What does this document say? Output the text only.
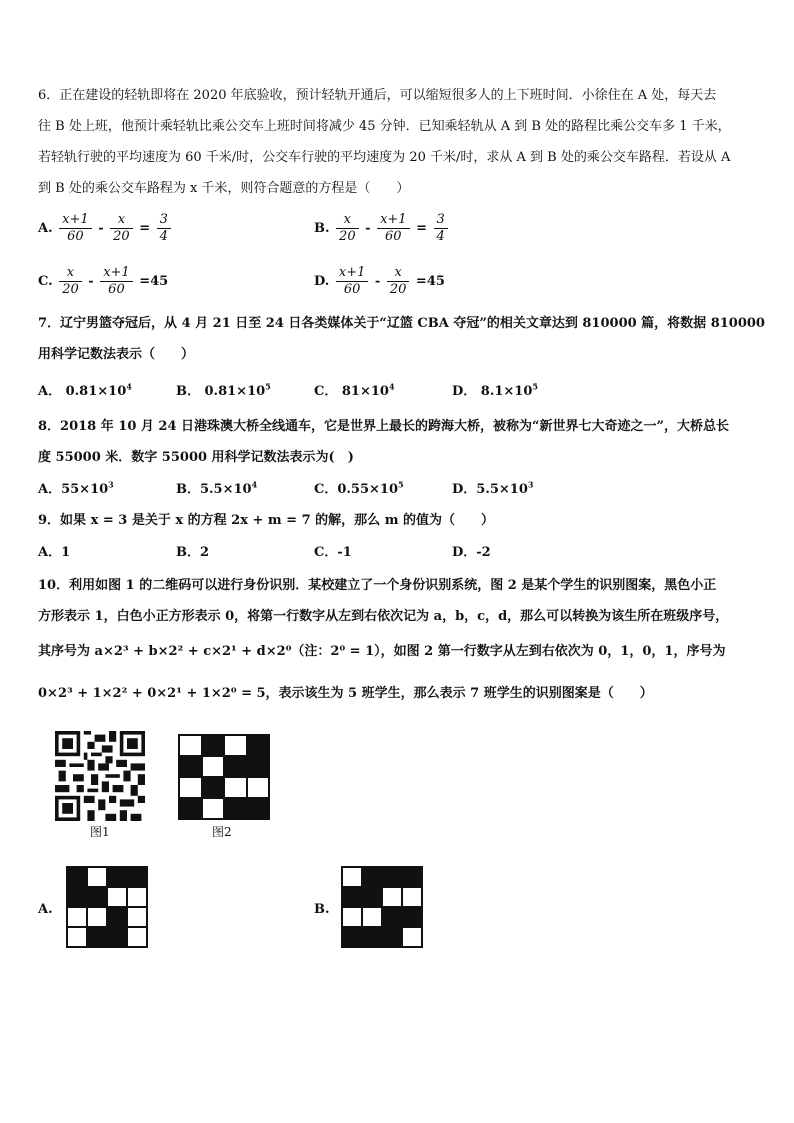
6．正在建设的轻轨即将在 2020 年底验收，预计轻轨开通后，可以缩短很多人的上下班时间．小徐住在 A 处，每天去
往 B 处上班，他预计乘轻轨比乘公交车上班时间将减少 45 分钟．已知乘轻轨从 A 到 B 处的路程比乘公交车多 1 千米，
若轻轨行驶的平均速度为 60 千米/时，公交车行驶的平均速度为 20 千米/时，求从 A 到 B 处的乘公交车路程．若设从 A
到 B 处的乘公交车路程为 x 千米，则符合题意的方程是（　　）
A. $\frac{x+1}{60} - \frac{x}{20} = \frac{3}{4}$	B. $\frac{x}{20} - \frac{x+1}{60} = \frac{3}{4}$
C. $\frac{x}{20} - \frac{x+1}{60} =45$	D. $\frac{x+1}{60} - \frac{x}{20} =45$
7．辽宁男篮夺冠后，从 4 月 21 日至 24 日各类媒体关于“辽篮 CBA 夺冠”的相关文章达到 810000 篇，将数据 810000
用科学记数法表示（　　）
A． $0.81\times 10^4$	B． $0.81\times 10^5$	C． $81\times 10^4$	D． $8.1\times 10^5$
8．2018 年 10 月 24 日港珠澳大桥全线通车，它是世界上最长的跨海大桥，被称为“新世界七大奇迹之一”，大桥总长
度 55000 米．数字 55000 用科学记数法表示为(　)
A．$55\times 10^3$	B．$5.5\times 10^4$	C．$0.55\times 10^5$	D．$5.5\times 10^3$
9．如果 x = 3 是关于 x 的方程 2x + m = 7 的解，那么 m 的值为（　　）
A．1	B．2	C．-1	D．-2
10．利用如图 1 的二维码可以进行身份识别．某校建立了一个身份识别系统，图 2 是某个学生的识别图案，黑色小正
方形表示 1，白色小正方形表示 0，将第一行数字从左到右依次记为 a，b，c，d，那么可以转换为该生所在班级序号，
其序号为 a×2³ + b×2² + c×2¹ + d×2⁰（注：2⁰ = 1），如图 2 第一行数字从左到右依次为 0，1，0，1，序号为
0×2³ + 1×2² + 0×2¹ + 1×2⁰ = 5，表示该生为 5 班学生，那么表示 7 班学生的识别图案是（　　）
图1	图2
A.	B.
